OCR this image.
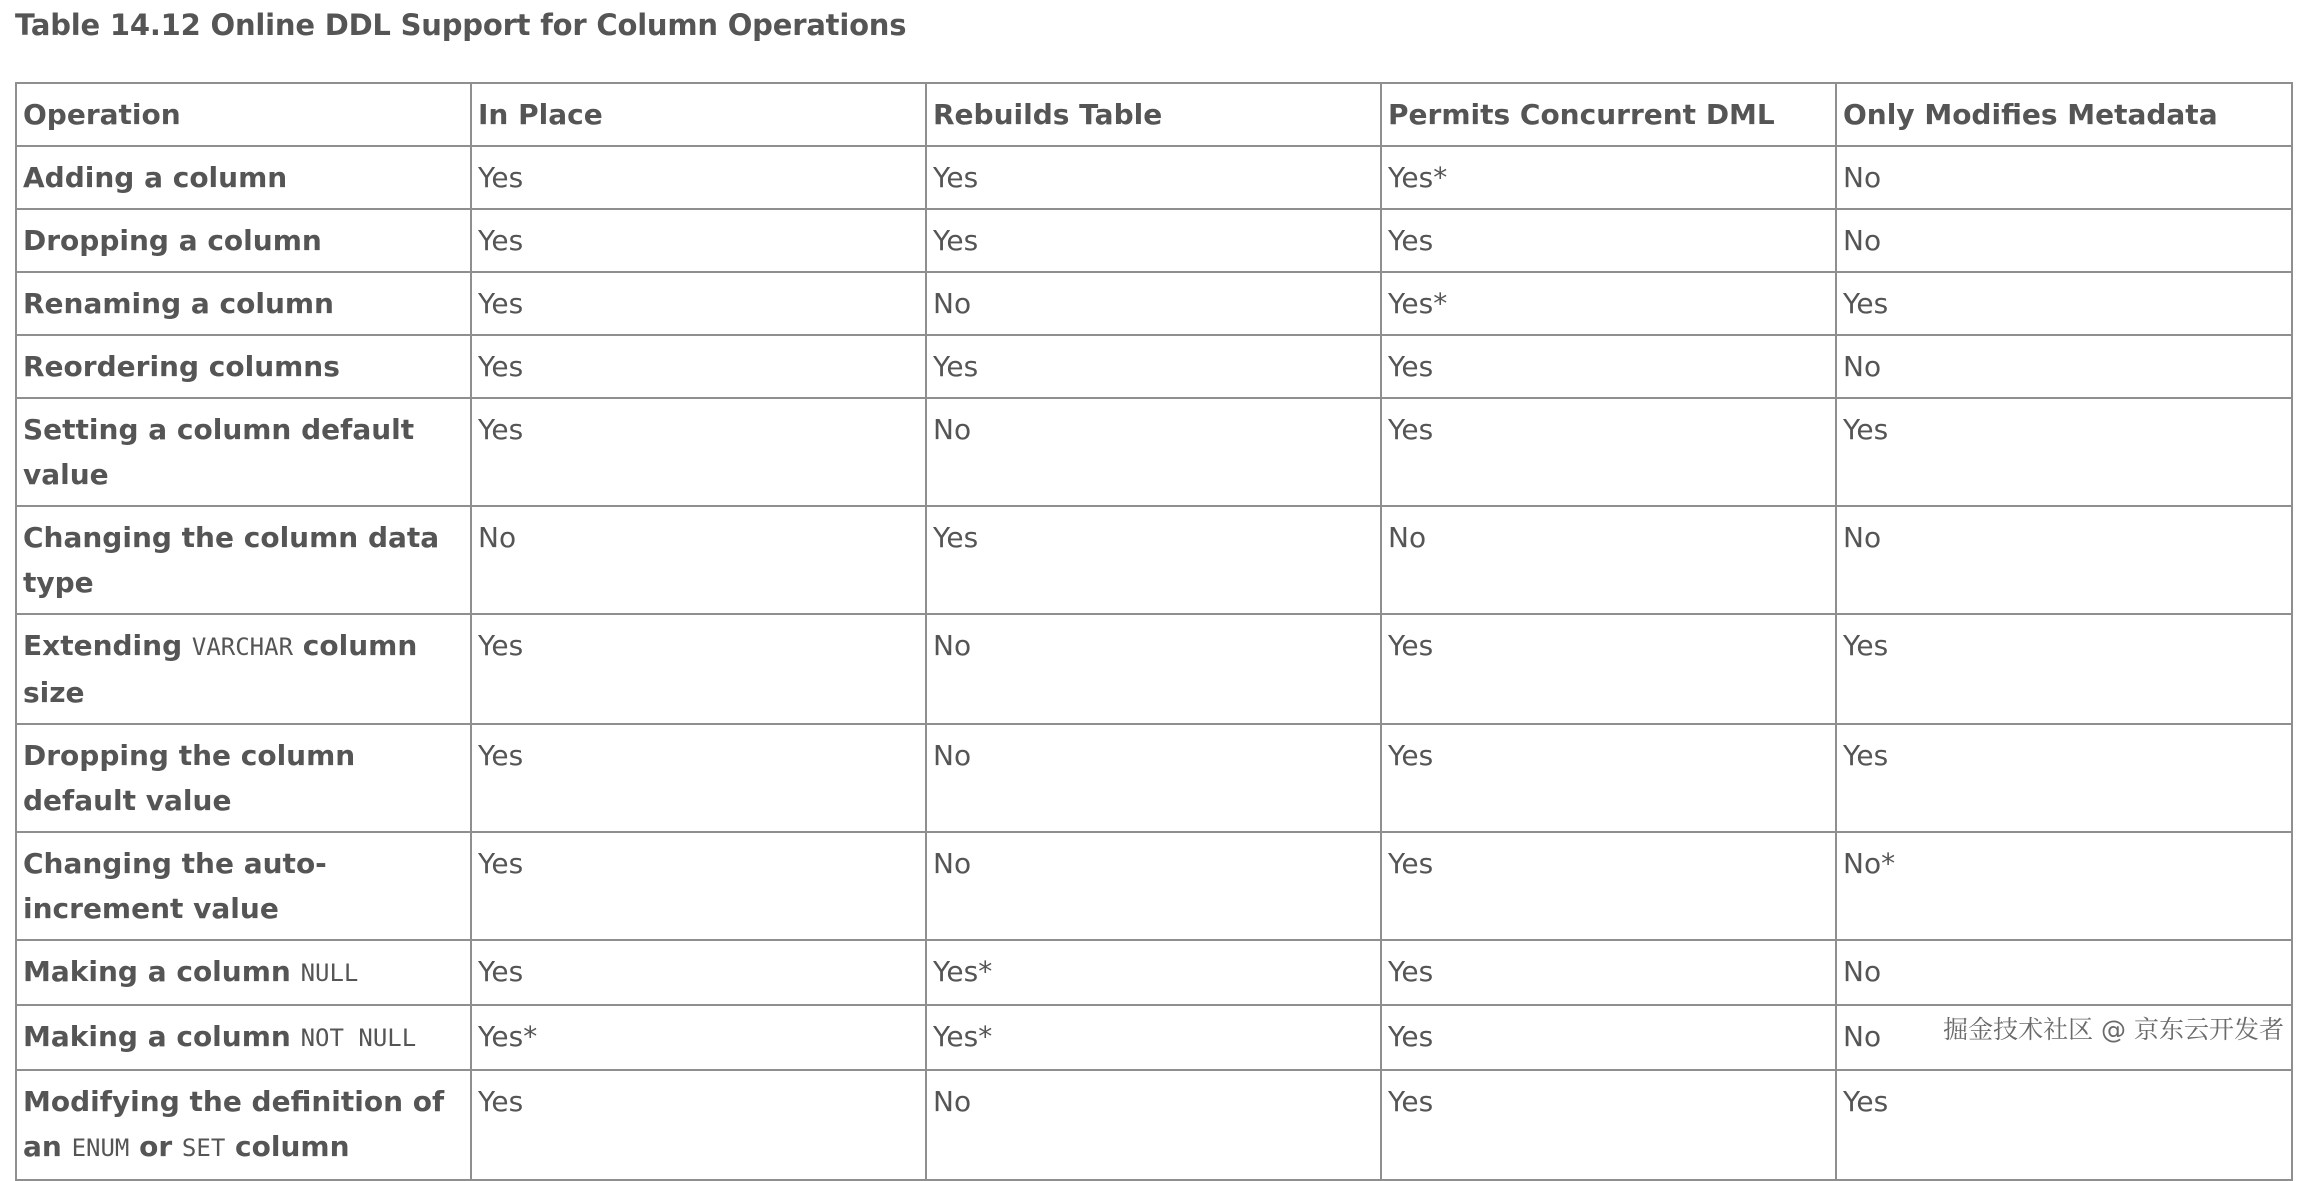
Table 14.12 Online DDL Support for Column Operations
Operation	In Place	Rebuilds Table	Permits Concurrent DML	Only Modifies Metadata
Adding a column	Yes	Yes	Yes*	No
Dropping a column	Yes	Yes	Yes	No
Renaming a column	Yes	No	Yes*	Yes
Reordering columns	Yes	Yes	Yes	No
Setting a column default value	Yes	No	Yes	Yes
Changing the column data type	No	Yes	No	No
Extending VARCHAR column size	Yes	No	Yes	Yes
Dropping the column default value	Yes	No	Yes	Yes
Changing the auto-increment value	Yes	No	Yes	No*
Making a column NULL	Yes	Yes*	Yes	No
Making a column NOT NULL	Yes*	Yes*	Yes	No
Modifying the definition of an ENUM or SET column	Yes	No	Yes	Yes
掘金技术社区 @ 京东云开发者
